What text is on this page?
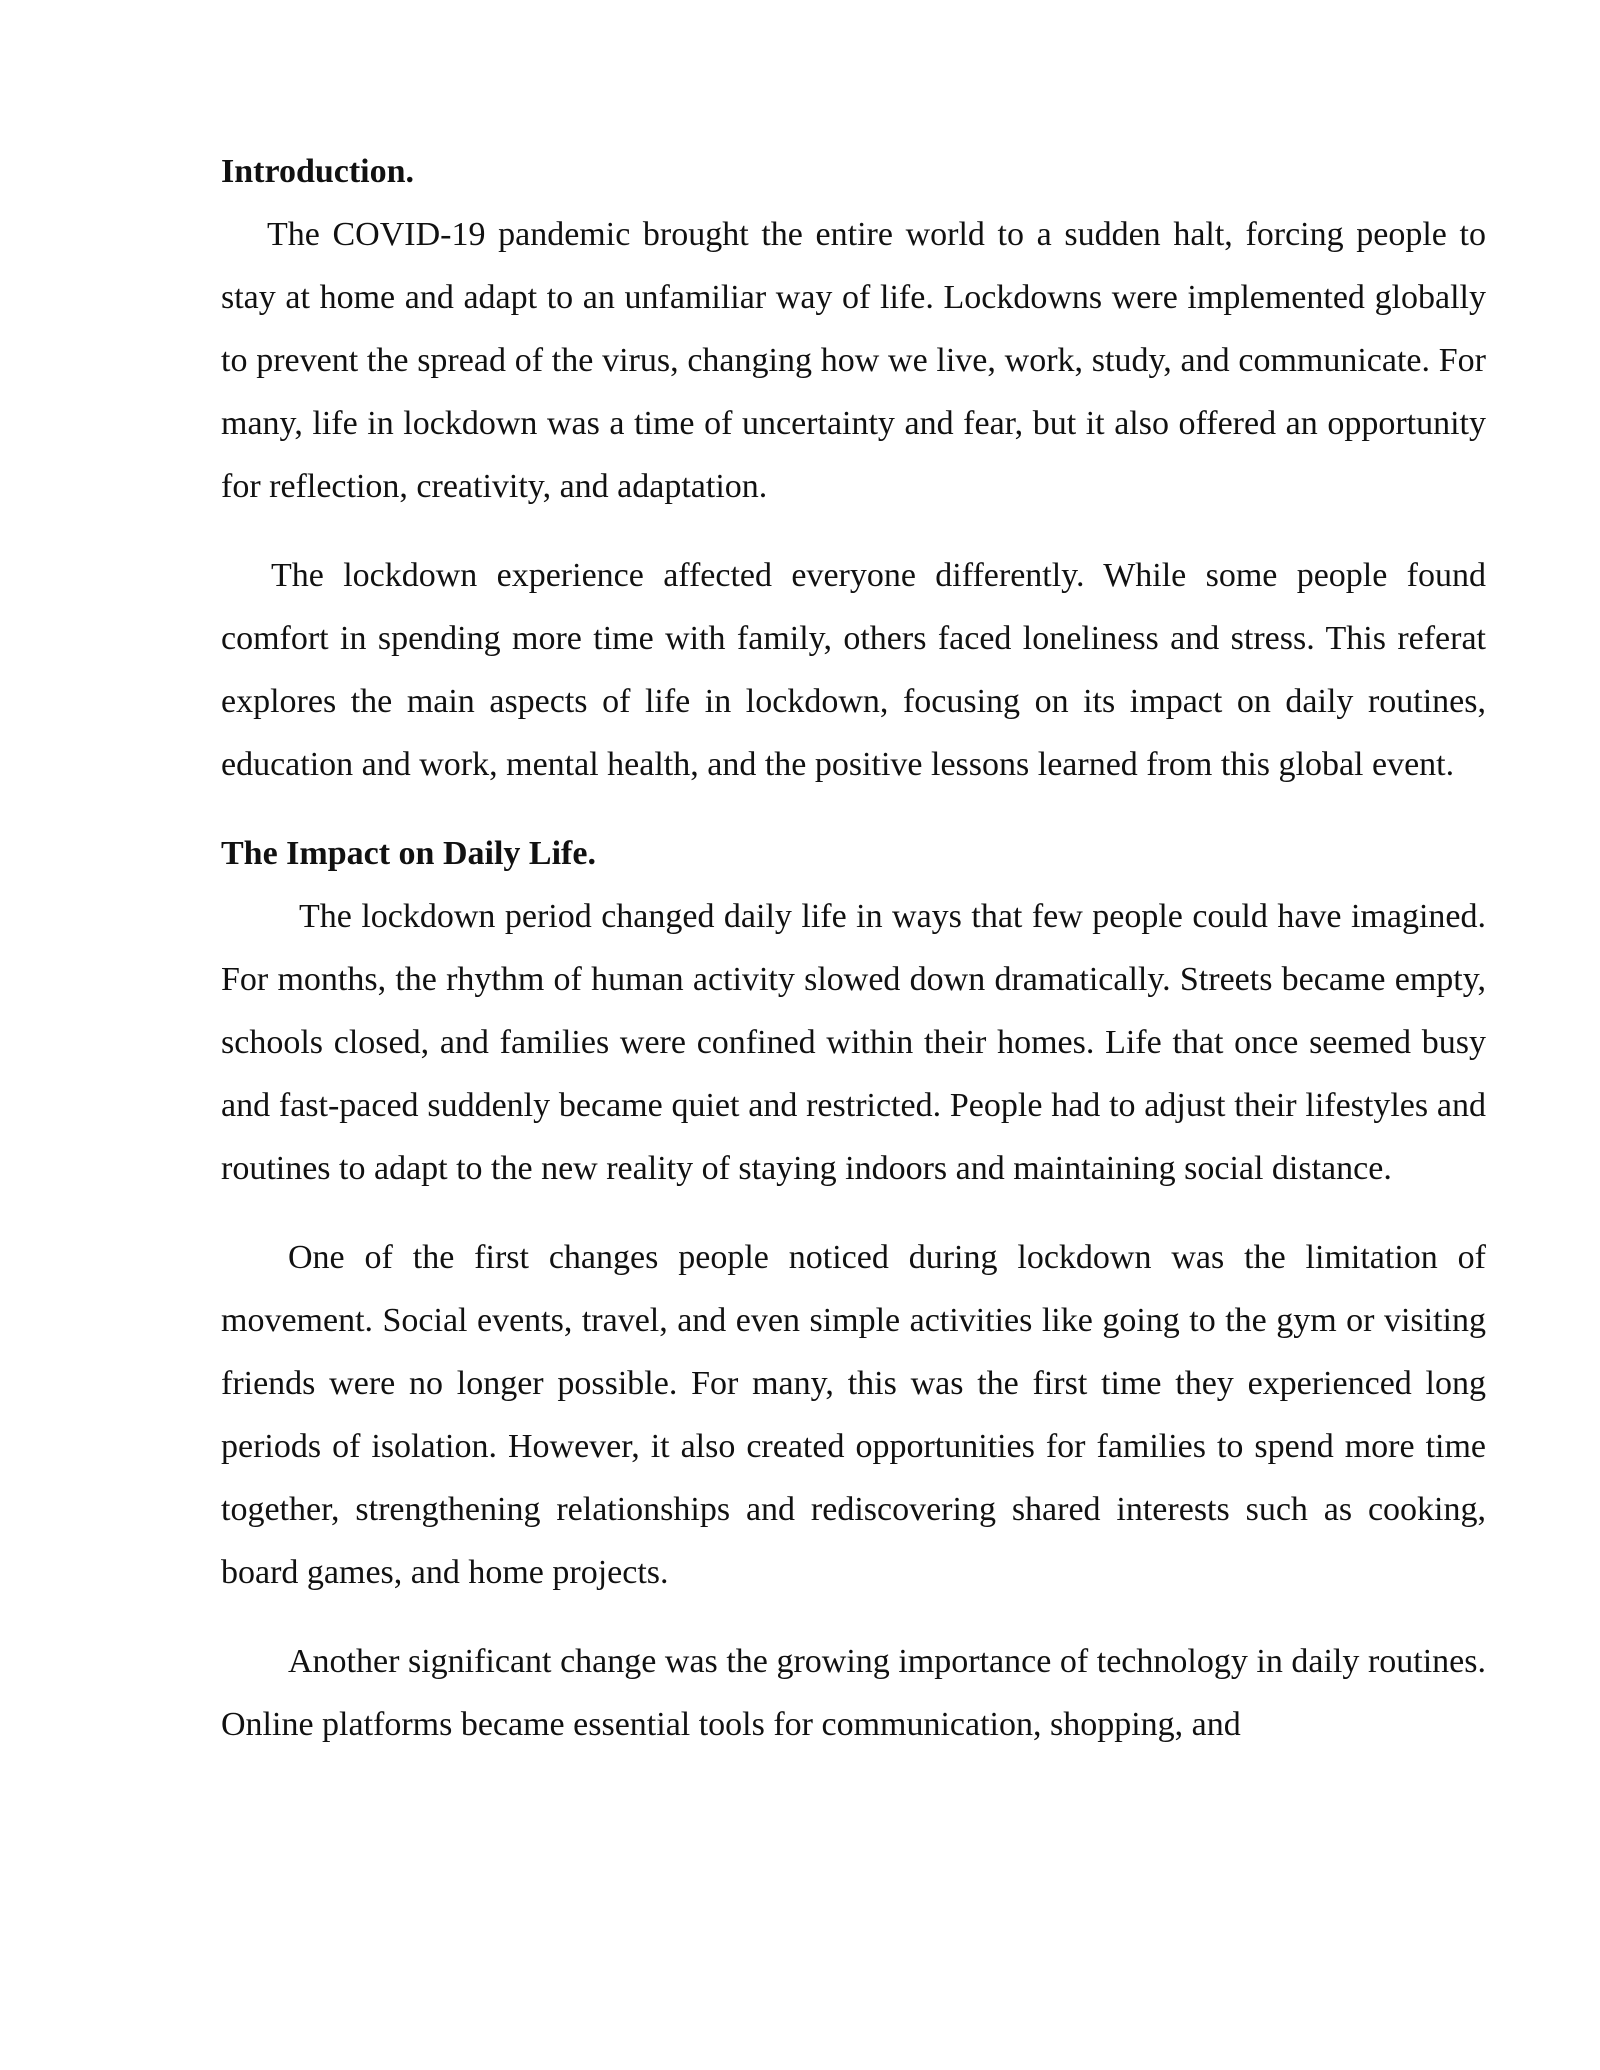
Introduction.

The COVID-19 pandemic brought the entire world to a sudden halt, forcing people to stay at home and adapt to an unfamiliar way of life. Lockdowns were implemented globally to prevent the spread of the virus, changing how we live, work, study, and communicate. For many, life in lockdown was a time of uncertainty and fear, but it also offered an opportunity for reflection, creativity, and adaptation.

The lockdown experience affected everyone differently. While some people found comfort in spending more time with family, others faced loneliness and stress. This referat explores the main aspects of life in lockdown, focusing on its impact on daily routines, education and work, mental health, and the positive lessons learned from this global event.

The Impact on Daily Life.

The lockdown period changed daily life in ways that few people could have imagined. For months, the rhythm of human activity slowed down dramatically. Streets became empty, schools closed, and families were confined within their homes. Life that once seemed busy and fast-paced suddenly became quiet and restricted. People had to adjust their lifestyles and routines to adapt to the new reality of staying indoors and maintaining social distance.

One of the first changes people noticed during lockdown was the limitation of movement. Social events, travel, and even simple activities like going to the gym or visiting friends were no longer possible. For many, this was the first time they experienced long periods of isolation. However, it also created opportunities for families to spend more time together, strengthening relationships and rediscovering shared interests such as cooking, board games, and home projects.

Another significant change was the growing importance of technology in daily routines. Online platforms became essential tools for communication, shopping, and
